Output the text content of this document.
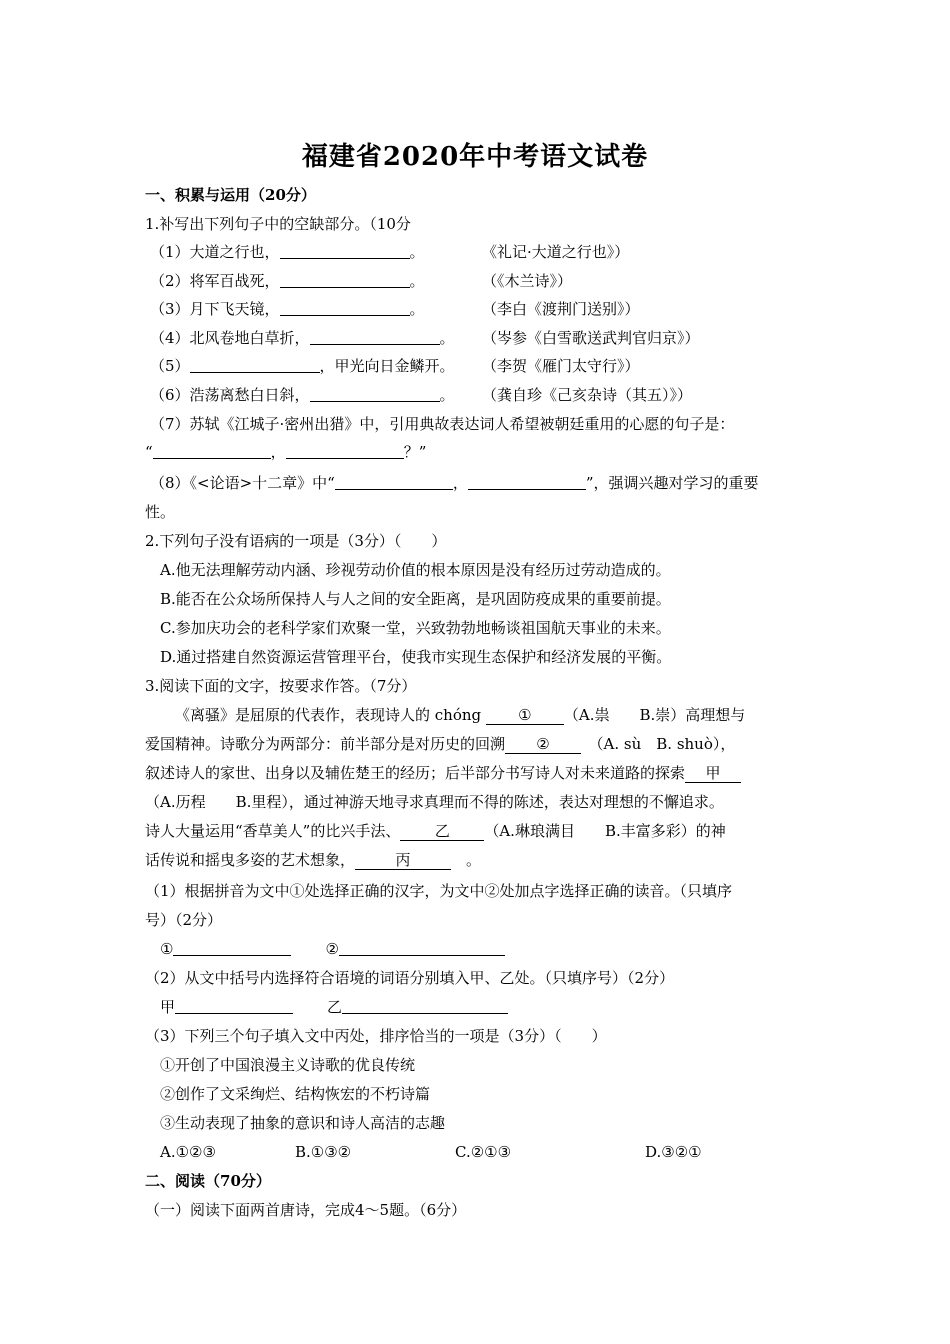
福建省2020年中考语文试卷
一、积累与运用（20分）
1.补写出下列句子中的空缺部分。（10分
（1）大道之行也，	。	《礼记·大道之行也》）
（2）将军百战死，	。	（《木兰诗》）
（3）月下飞天镜，	。	（李白《渡荆门送别》）
（4）北风卷地白草折，	。 （岑参《白雪歌送武判官归京》）
（5）	，甲光向日金鳞开。 （李贺《雁门太守行》）
（6）浩荡离愁白日斜，	。 （龚自珍《己亥杂诗（其五）》）
（7）苏轼《江城子·密州出猎》中，引用典故表达词人希望被朝廷重用的心愿的句子是：
“	，	？”
（8）《<论语>十二章》中“	，	”，强调兴趣对学习的重要
性。
2.下列句子没有语病的一项是（3分）（　　）
A.他无法理解劳动内涵、珍视劳动价值的根本原因是没有经历过劳动造成的。
B.能否在公众场所保持人与人之间的安全距离，是巩固防疫成果的重要前提。
C.参加庆功会的老科学家们欢聚一堂，兴致勃勃地畅谈祖国航天事业的未来。
D.通过搭建自然资源运营管理平台，使我市实现生态保护和经济发展的平衡。
3.阅读下面的文字，按要求作答。（7分）
《离骚》是屈原的代表作，表现诗人的 chóng ① （A.祟　　B.崇）高理想与
爱国精神。诗歌分为两部分：前半部分是对历史的回溯 ②　	（A. sù　B. shuò），
叙述诗人的家世、出身以及辅佐楚王的经历；后半部分书写诗人对未来道路的探索 甲
（A.历程　　B.里程），通过神游天地寻求真理而不得的陈述，表达对理想的不懈追求。
诗人大量运用“香草美人”的比兴手法、 乙 （A.琳琅满目　　B.丰富多彩）的神
话传说和摇曳多姿的艺术想象，	丙　	。
（1）根据拼音为文中①处选择正确的汉字，为文中②处加点字选择正确的读音。（只填序
号）（2分）
①	②
（2）从文中括号内选择符合语境的词语分别填入甲、乙处。（只填序号）（2分）
甲	乙
（3）下列三个句子填入文中丙处，排序恰当的一项是（3分）（　　）
①开创了中国浪漫主义诗歌的优良传统
②创作了文采绚烂、结构恢宏的不朽诗篇
③生动表现了抽象的意识和诗人高洁的志趣
A.①②③	B.①③②	C.②①③	D.③②①
二、阅读（70分）
（一）阅读下面两首唐诗，完成4～5题。（6分）
